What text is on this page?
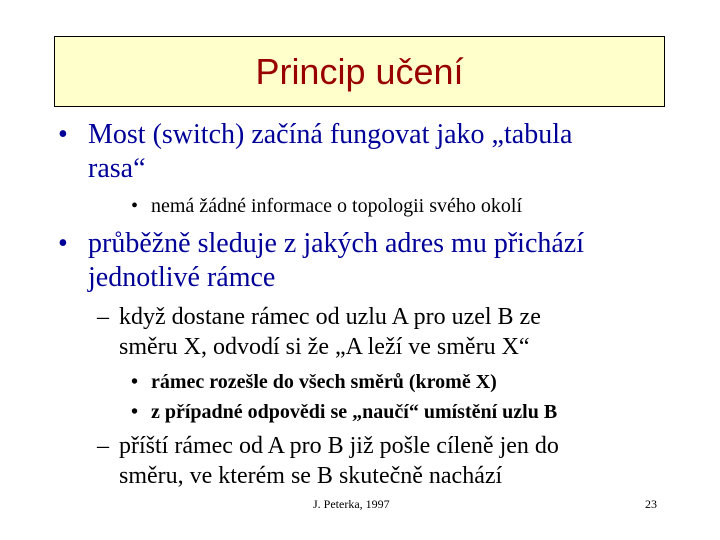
Princip učení
• Most (switch) začíná fungovat jako „tabula
rasa“
• nemá žádné informace o topologii svého okolí
• průběžně sleduje z jakých adres mu přichází
jednotlivé rámce
– když dostane rámec od uzlu A pro uzel B ze
směru X, odvodí si že „A leží ve směru X“
• rámec rozešle do všech směrů (kromě X)
• z případné odpovědi se „naučí“ umístění uzlu B
– příští rámec od A pro B již pošle cíleně jen do
směru, ve kterém se B skutečně nachází
J. Peterka, 1997	23
